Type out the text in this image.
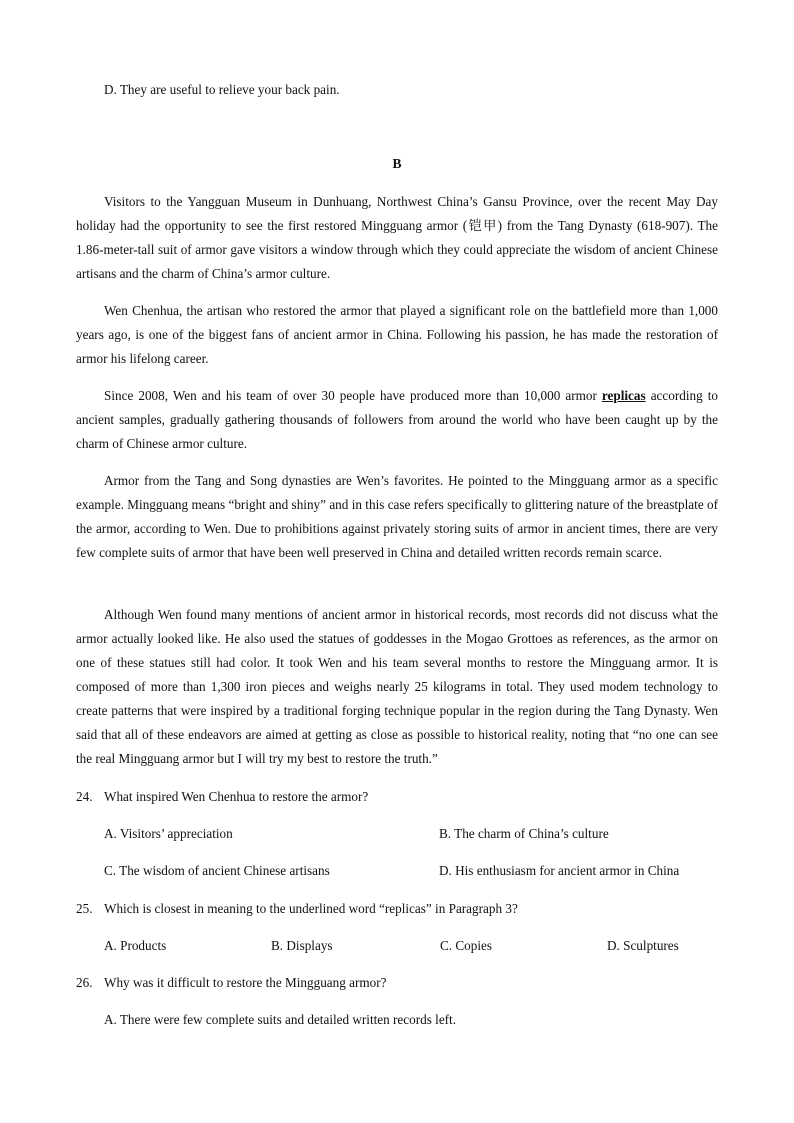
D. They are useful to relieve your back pain.
B
Visitors to the Yangguan Museum in Dunhuang, Northwest China’s Gansu Province, over the recent May Day holiday had the opportunity to see the first restored Mingguang armor (铠甲) from the Tang Dynasty (618-907). The 1.86-meter-tall suit of armor gave visitors a window through which they could appreciate the wisdom of ancient Chinese artisans and the charm of China’s armor culture.
Wen Chenhua, the artisan who restored the armor that played a significant role on the battlefield more than 1,000 years ago, is one of the biggest fans of ancient armor in China. Following his passion, he has made the restoration of armor his lifelong career.
Since 2008, Wen and his team of over 30 people have produced more than 10,000 armor replicas according to ancient samples, gradually gathering thousands of followers from around the world who have been caught up by the charm of Chinese armor culture.
Armor from the Tang and Song dynasties are Wen’s favorites. He pointed to the Mingguang armor as a specific example. Mingguang means “bright and shiny” and in this case refers specifically to glittering nature of the breastplate of the armor, according to Wen. Due to prohibitions against privately storing suits of armor in ancient times, there are very few complete suits of armor that have been well preserved in China and detailed written records remain scarce.
Although Wen found many mentions of ancient armor in historical records, most records did not discuss what the armor actually looked like. He also used the statues of goddesses in the Mogao Grottoes as references, as the armor on one of these statues still had color. It took Wen and his team several months to restore the Mingguang armor. It is composed of more than 1,300 iron pieces and weighs nearly 25 kilograms in total. They used modem technology to create patterns that were inspired by a traditional forging technique popular in the region during the Tang Dynasty. Wen said that all of these endeavors are aimed at getting as close as possible to historical reality, noting that “no one can see the real Mingguang armor but I will try my best to restore the truth.”
24. What inspired Wen Chenhua to restore the armor?
A. Visitors’ appreciation	B. The charm of China’s culture
C. The wisdom of ancient Chinese artisans	D. His enthusiasm for ancient armor in China
25. Which is closest in meaning to the underlined word “replicas” in Paragraph 3?
A. Products	B. Displays	C. Copies	D. Sculptures
26. Why was it difficult to restore the Mingguang armor?
A. There were few complete suits and detailed written records left.
